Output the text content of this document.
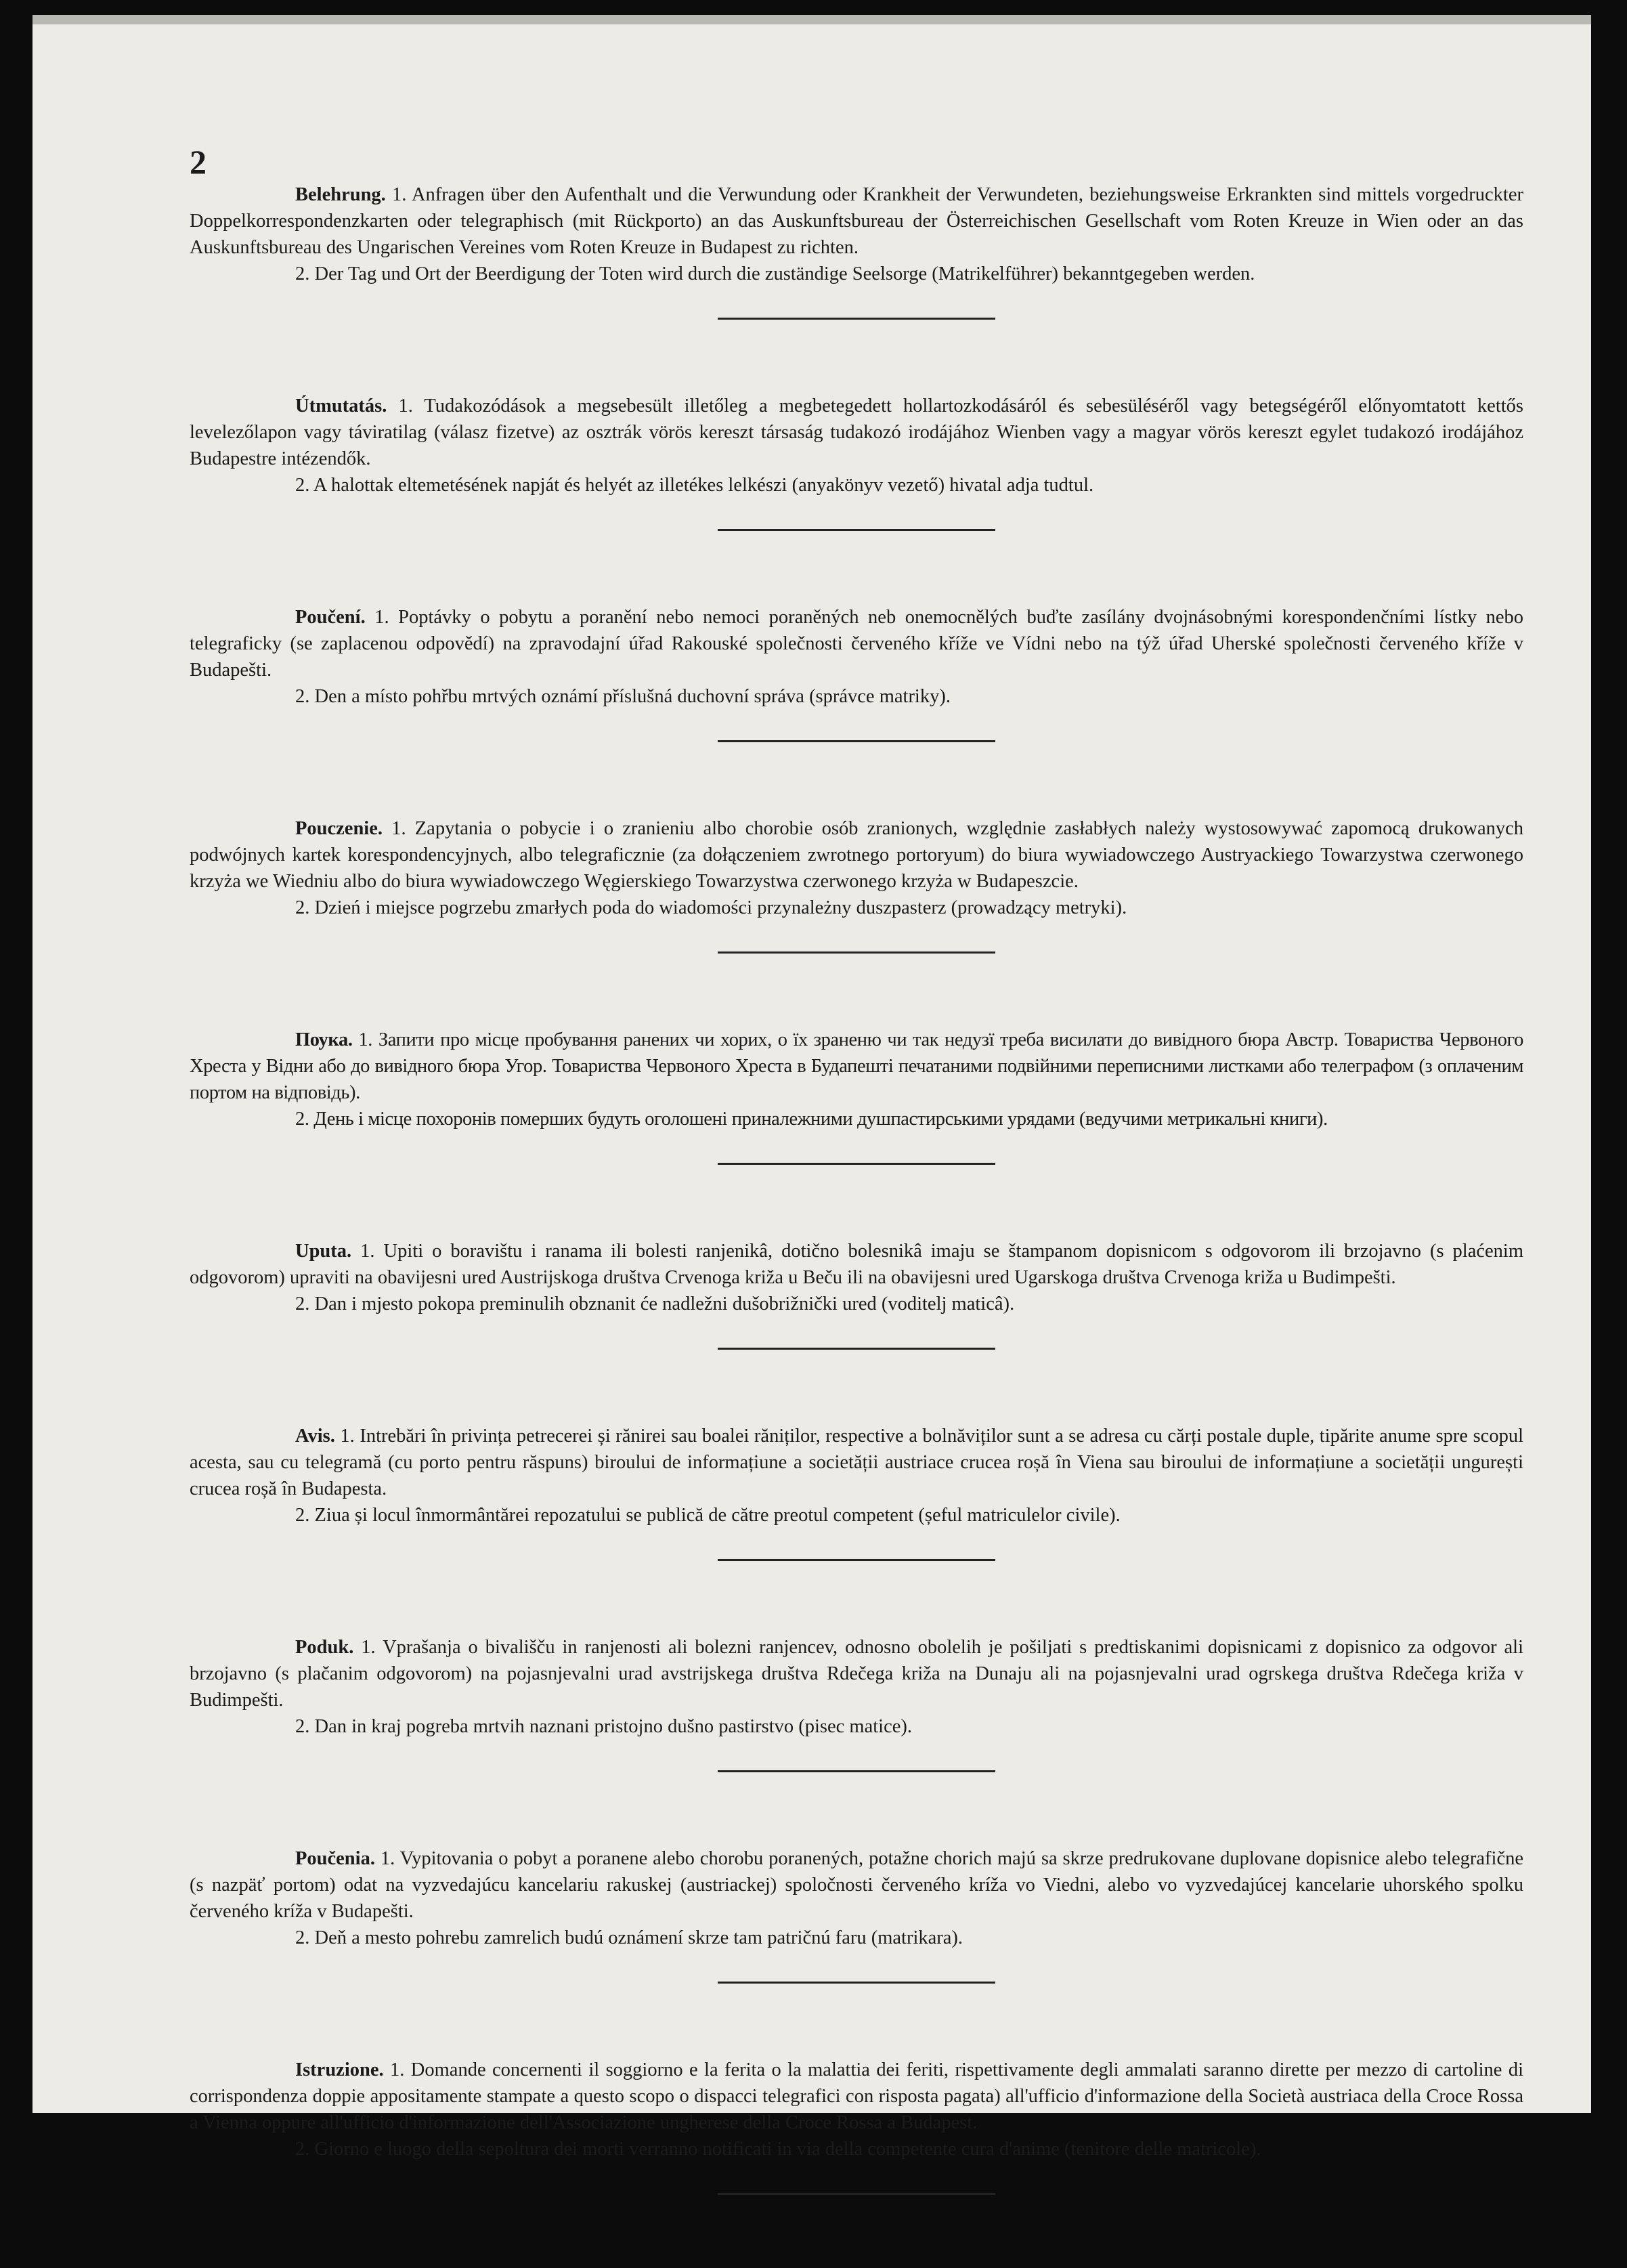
2

Belehrung. 1. Anfragen über den Aufenthalt und die Verwundung oder Krankheit der Verwundeten, beziehungsweise Erkrankten sind mittels vorgedruckter Doppelkorrespondenzkarten oder telegraphisch (mit Rückporto) an das Auskunftsbureau der Österreichischen Gesellschaft vom Roten Kreuze in Wien oder an das Auskunftsbureau des Ungarischen Vereines vom Roten Kreuze in Budapest zu richten.

2. Der Tag und Ort der Beerdigung der Toten wird durch die zuständige Seelsorge (Matrikelführer) bekanntgegeben werden.

Útmutatás. 1. Tudakozódások a megsebesült illetőleg a megbetegedett hollartozkodásáról és sebesüléséről vagy betegségéről előnyomtatott kettős levelezőlapon vagy táviratilag (válasz fizetve) az osztrák vörös kereszt társaság tudakozó irodájához Wienben vagy a magyar vörös kereszt egylet tudakozó irodájához Budapestre intézendők.

2. A halottak eltemetésének napját és helyét az illetékes lelkészi (anyakönyv vezető) hivatal adja tudtul.

Poučení. 1. Poptávky o pobytu a poranění nebo nemoci poraněných neb onemocnělých buďte zasílány dvojnásobnými korespondenčními lístky nebo telegraficky (se zaplacenou odpovědí) na zpravodajní úřad Rakouské společnosti červeného kříže ve Vídni nebo na týž úřad Uherské společnosti červeného kříže v Budapešti.

2. Den a místo pohřbu mrtvých oznámí příslušná duchovní správa (správce matriky).

Pouczenie. 1. Zapytania o pobycie i o zranieniu albo chorobie osób zranionych, względnie zasłabłych należy wystosowywać zapomocą drukowanych podwójnych kartek korespondencyjnych, albo telegraficznie (za dołączeniem zwrotnego portoryum) do biura wywiadowczego Austryackiego Towarzystwa czerwonego krzyża we Wiedniu albo do biura wywiadowczego Węgierskiego Towarzystwa czerwonego krzyża w Budapeszcie.

2. Dzień i miejsce pogrzebu zmarłych poda do wiadomości przynależny duszpasterz (prowadzący metryki).

Поука. 1. Запити про місце пробування ранених чи хорих, о їх зраненю чи так недузї треба висилати до вивідного бюра Австр. Товариства Червоного Хреста у Відни або до вивідного бюра Угор. Товариства Червоного Хреста в Будапешті печатаними подвійними переписними листками або телеграфом (з оплаченим портом на відповідь).

2. День і місце похоронів померших будуть оголошені приналежними душпастирськими урядами (ведучими метрикальні книги).

Uputa. 1. Upiti o boravištu i ranama ili bolesti ranjenikâ, dotično bolesnikâ imaju se štampanom dopisnicom s odgovorom ili brzojavno (s plaćenim odgovorom) upraviti na obavijesni ured Austrijskoga društva Crvenoga križa u Beču ili na obavijesni ured Ugarskoga društva Crvenoga križa u Budimpešti.

2. Dan i mjesto pokopa preminulih obznanit će nadležni dušobrižnički ured (voditelj maticâ).

Avis. 1. Intrebări în privința petrecerei și rănirei sau boalei răniților, respective a bolnăviților sunt a se adresa cu cărți postale duple, tipărite anume spre scopul acesta, sau cu telegramă (cu porto pentru răspuns) biroului de informațiune a societății austriace crucea roșă în Viena sau biroului de informațiune a societății ungurești crucea roșă în Budapesta.

2. Ziua și locul înmormântărei repozatului se publică de către preotul competent (șeful matriculelor civile).

Poduk. 1. Vprašanja o bivališču in ranjenosti ali bolezni ranjencev, odnosno obolelih je pošiljati s predtiskanimi dopisnicami z dopisnico za odgovor ali brzojavno (s plačanim odgovorom) na pojasnjevalni urad avstrijskega društva Rdečega križa na Dunaju ali na pojasnjevalni urad ogrskega društva Rdečega križa v Budimpešti.

2. Dan in kraj pogreba mrtvih naznani pristojno dušno pastirstvo (pisec matice).

Poučenia. 1. Vypitovania o pobyt a poranene alebo chorobu poranených, potažne chorich majú sa skrze predrukovane duplovane dopisnice alebo telegrafične (s nazpäť portom) odat na vyzvedajúcu kancelariu rakuskej (austriackej) spoločnosti červeného kríža vo Viedni, alebo vo vyzvedajúcej kancelarie uhorského spolku červeného kríža v Budapešti.

2. Deň a mesto pohrebu zamrelich budú oznámení skrze tam patričnú faru (matrikara).

Istruzione. 1. Domande concernenti il soggiorno e la ferita o la malattia dei feriti, rispettivamente degli ammalati saranno dirette per mezzo di cartoline di corrispondenza doppie appositamente stampate a questo scopo o dispacci telegrafici con risposta pagata) all'ufficio d'informazione della Società austriaca della Croce Rossa a Vienna oppure all'ufficio d'informazione dell'Associazione ungherese della Croce Rossa a Budapest.

2. Giorno e luogo della sepoltura dei morti verranno notificati in via della competente cura d'anime (tenitore delle matricole).
